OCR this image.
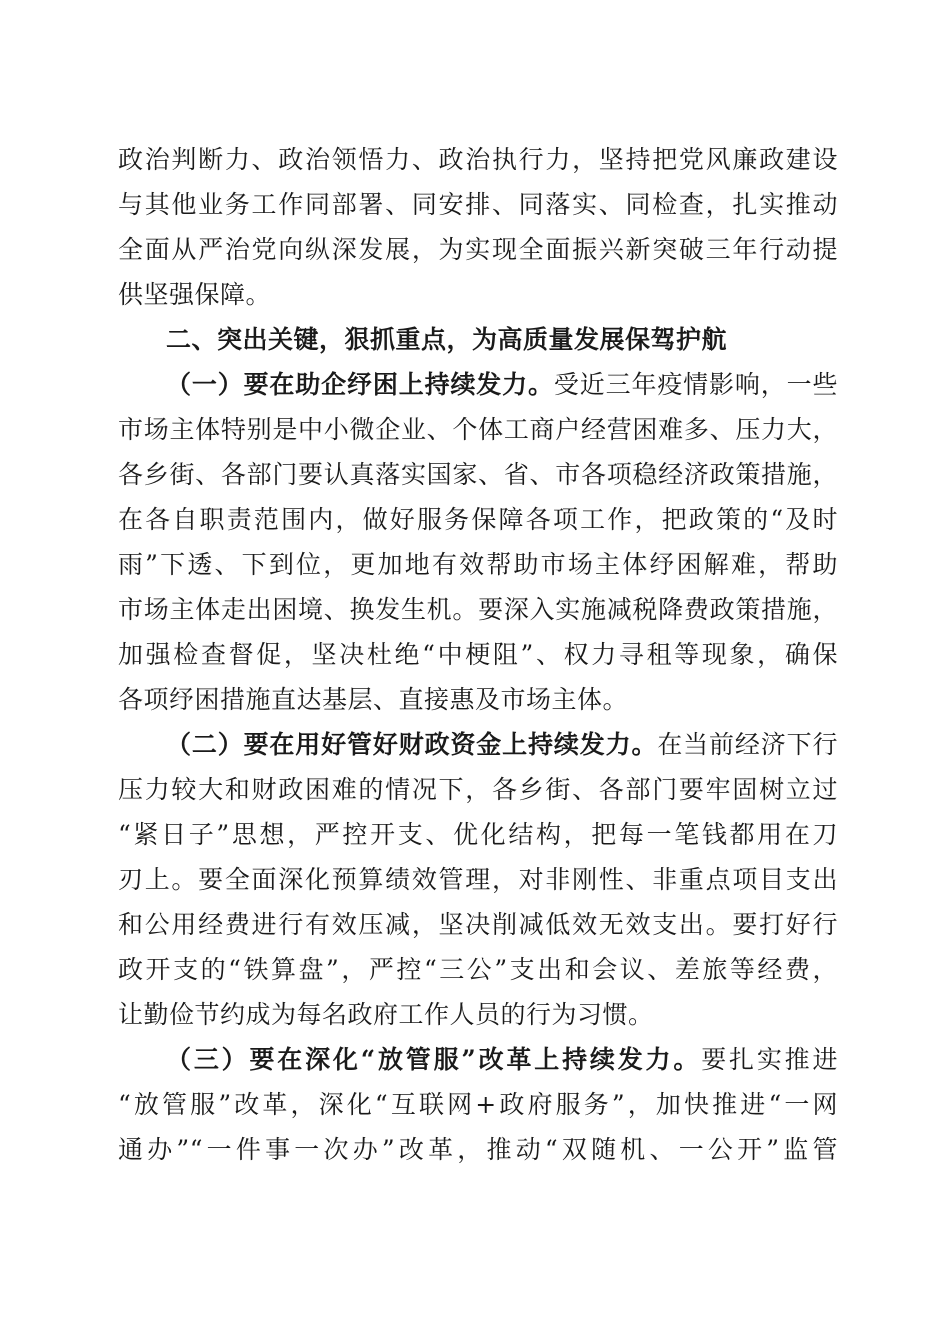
政治判断力、政治领悟力、政治执行力，坚持把党风廉政建设
与其他业务工作同部署、同安排、同落实、同检查，扎实推动
全面从严治党向纵深发展，为实现全面振兴新突破三年行动提
供坚强保障。
二、突出关键，狠抓重点，为高质量发展保驾护航
（一）要在助企纾困上持续发力。受近三年疫情影响，一些
市场主体特别是中小微企业、个体工商户经营困难多、压力大，
各乡街、各部门要认真落实国家、省、市各项稳经济政策措施，
在各自职责范围内，做好服务保障各项工作，把政策的“及时
雨”下透、下到位，更加地有效帮助市场主体纾困解难，帮助
市场主体走出困境、换发生机。要深入实施减税降费政策措施，
加强检查督促，坚决杜绝“中梗阻”、权力寻租等现象，确保
各项纾困措施直达基层、直接惠及市场主体。
（二）要在用好管好财政资金上持续发力。在当前经济下行
压力较大和财政困难的情况下，各乡街、各部门要牢固树立过
“紧日子”思想，严控开支、优化结构，把每一笔钱都用在刀
刃上。要全面深化预算绩效管理，对非刚性、非重点项目支出
和公用经费进行有效压减，坚决削减低效无效支出。要打好行
政开支的“铁算盘”，严控“三公”支出和会议、差旅等经费，
让勤俭节约成为每名政府工作人员的行为习惯。
（三）要在深化“放管服”改革上持续发力。要扎实推进
“放管服”改革，深化“互联网+政府服务”，加快推进“一网
通办”“一件事一次办”改革，推动“双随机、一公开”监管
